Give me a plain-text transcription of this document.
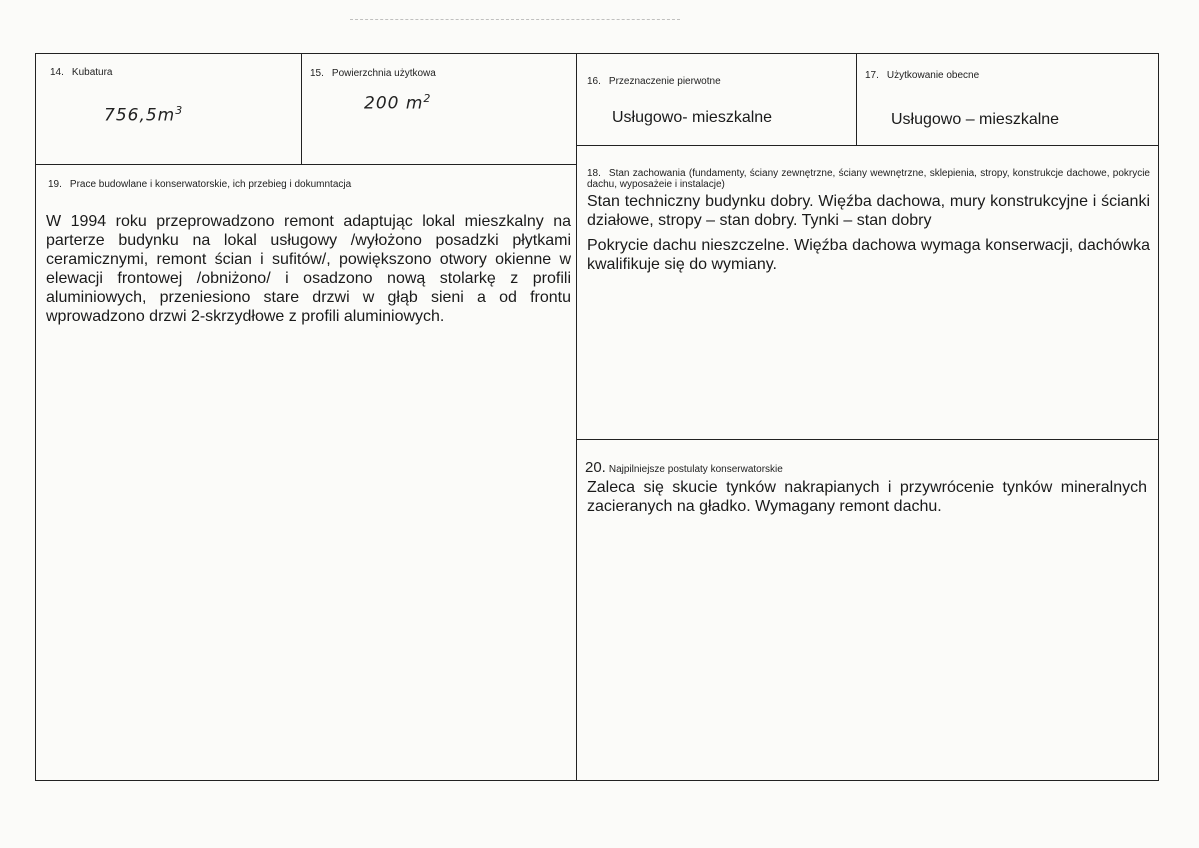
14. Kubatura
$756,5m^3$
15. Powierzchnia użytkowa
200 $m^2$
16. Przeznaczenie pierwotne
Usługowo- mieszkalne
17. Użytkowanie obecne
Usługowo – mieszkalne
19. Prace budowlane i konserwatorskie, ich przebieg i dokumntacja
W 1994 roku przeprowadzono remont adaptując lokal mieszkalny na parterze budynku na lokal usługowy /wyłożono posadzki płytkami ceramicznymi, remont ścian i sufitów/, powiększono otwory okienne w elewacji frontowej /obniżono/ i osadzono nową stolarkę z profili aluminiowych, przeniesiono stare drzwi w głąb sieni a od frontu wprowadzono drzwi 2-skrzydłowe z profili aluminiowych.
18. Stan zachowania (fundamenty, ściany zewnętrzne, ściany wewnętrzne, sklepienia, stropy, konstrukcje dachowe, pokrycie dachu, wyposażeie i instalacje)
Stan techniczny budynku dobry. Więźba dachowa, mury konstrukcyjne i ścianki działowe, stropy – stan dobry. Tynki – stan dobry
Pokrycie dachu nieszczelne. Więźba dachowa wymaga konserwacji, dachówka kwalifikuje się do wymiany.
20. Najpilniejsze postulaty konserwatorskie
Zaleca się skucie tynków nakrapianych i przywrócenie tynków mineralnych zacieranych na gładko. Wymagany remont dachu.
